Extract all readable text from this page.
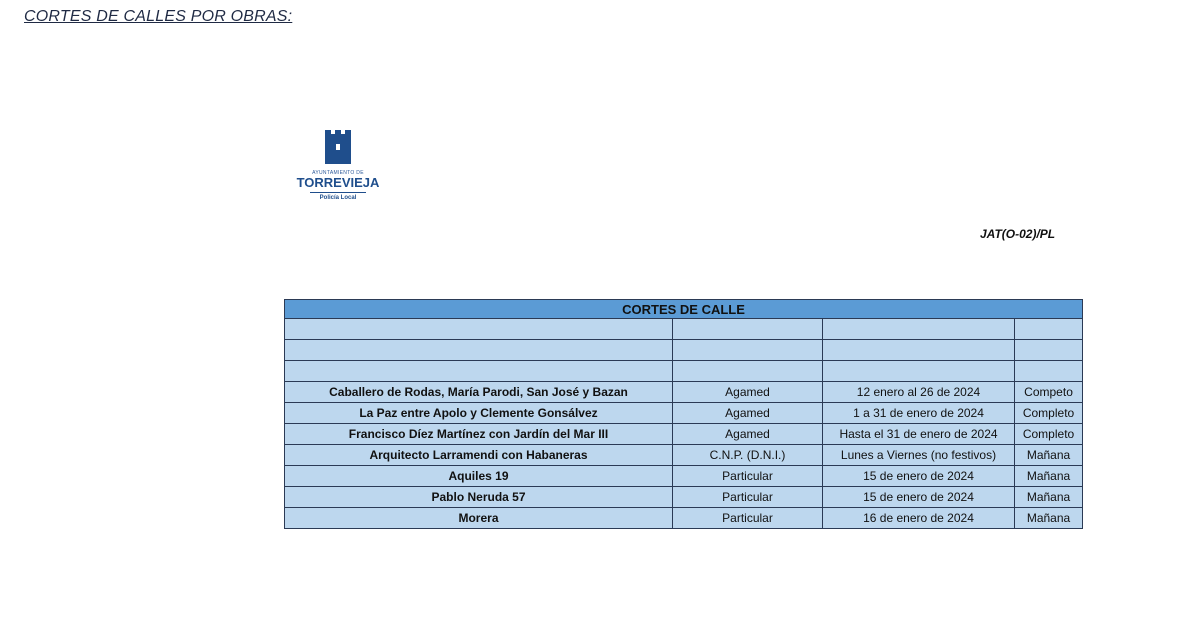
CORTES DE CALLES POR OBRAS:
AYUNTAMIENTO DE
TORREVIEJA
Policía Local
JAT(O-02)/PL
CORTES DE CALLE			

Caballero de Rodas, María Parodi, San José y Bazan	Agamed	12 enero al 26 de 2024	Competo
La Paz entre Apolo y Clemente Gonsálvez	Agamed	1 a 31 de enero de 2024	Completo
Francisco Díez Martínez con Jardín del Mar III	Agamed	Hasta el 31 de enero de 2024	Completo
Arquitecto Larramendi con Habaneras	C.N.P. (D.N.I.)	Lunes a Viernes (no festivos)	Mañana
Aquiles 19	Particular	15 de enero de 2024	Mañana
Pablo Neruda 57	Particular	15 de enero de 2024	Mañana
Morera	Particular	16 de enero de 2024	Mañana
